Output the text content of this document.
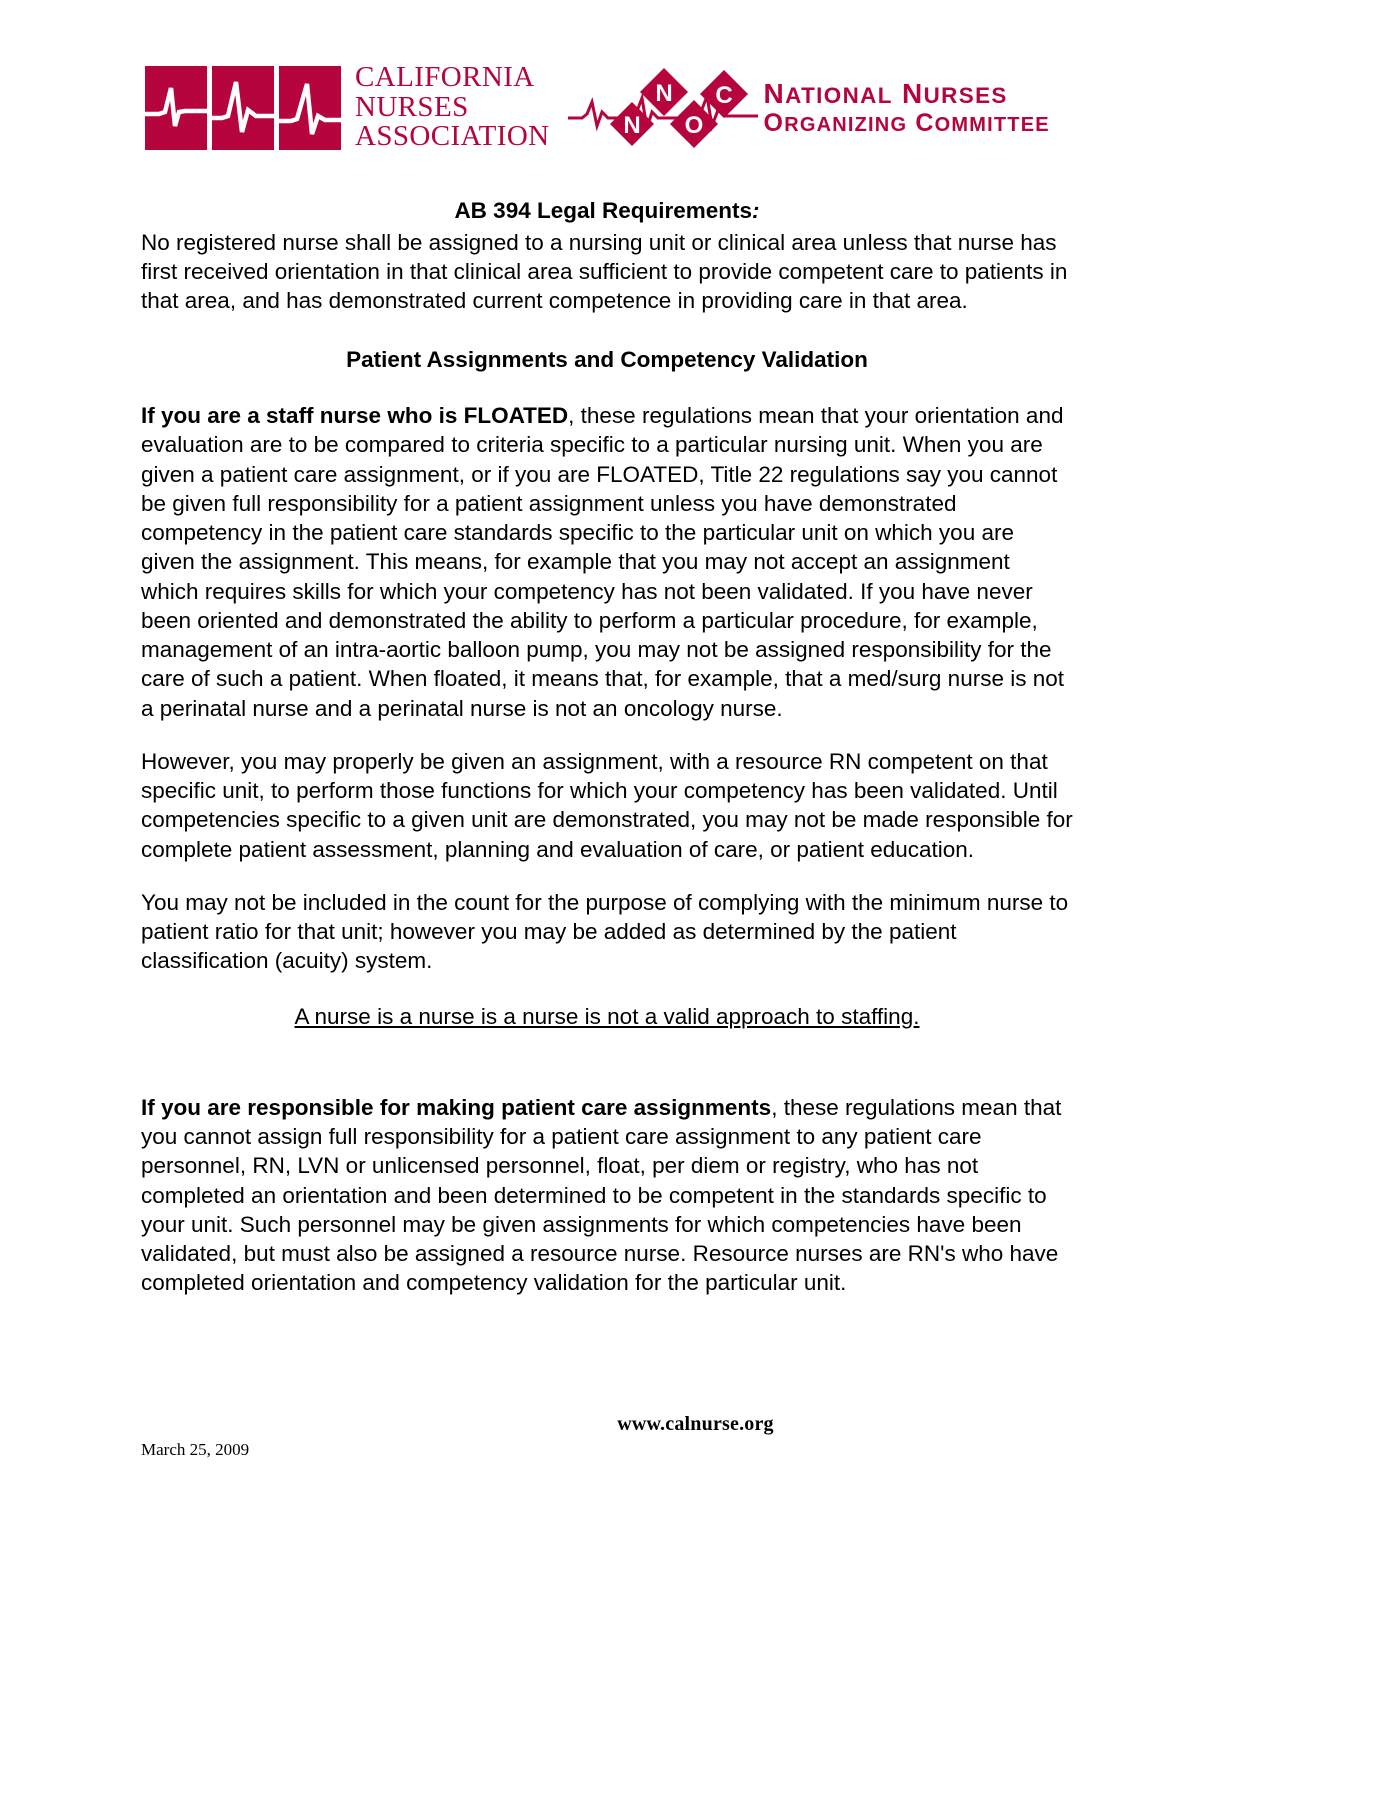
CALIFORNIA
NURSES
ASSOCIATION	N
N
O
C NATIONAL NURSES
ORGANIZING COMMITTEE

AB 394 Legal Requirements:

No registered nurse shall be assigned to a nursing unit or clinical area unless that nurse has first received orientation in that clinical area sufficient to provide competent care to patients in that area, and has demonstrated current competence in providing care in that area.

Patient Assignments and Competency Validation

If you are a staff nurse who is FLOATED, these regulations mean that your orientation and evaluation are to be compared to criteria specific to a particular nursing unit. When you are given a patient care assignment, or if you are FLOATED, Title 22 regulations say you cannot be given full responsibility for a patient assignment unless you have demonstrated competency in the patient care standards specific to the particular unit on which you are given the assignment. This means, for example that you may not accept an assignment which requires skills for which your competency has not been validated. If you have never been oriented and demonstrated the ability to perform a particular procedure, for example, management of an intra-aortic balloon pump, you may not be assigned responsibility for the care of such a patient. When floated, it means that, for example, that a med/surg nurse is not a perinatal nurse and a perinatal nurse is not an oncology nurse.

However, you may properly be given an assignment, with a resource RN competent on that specific unit, to perform those functions for which your competency has been validated. Until competencies specific to a given unit are demonstrated, you may not be made responsible for complete patient assessment, planning and evaluation of care, or patient education.

You may not be included in the count for the purpose of complying with the minimum nurse to patient ratio for that unit; however you may be added as determined by the patient classification (acuity) system.

A nurse is a nurse is a nurse is not a valid approach to staffing.

If you are responsible for making patient care assignments, these regulations mean that you cannot assign full responsibility for a patient care assignment to any patient care personnel, RN, LVN or unlicensed personnel, float, per diem or registry, who has not completed an orientation and been determined to be competent in the standards specific to your unit. Such personnel may be given assignments for which competencies have been validated, but must also be assigned a resource nurse. Resource nurses are RN's who have completed orientation and competency validation for the particular unit.

www.calnurse.org
March 25, 2009
